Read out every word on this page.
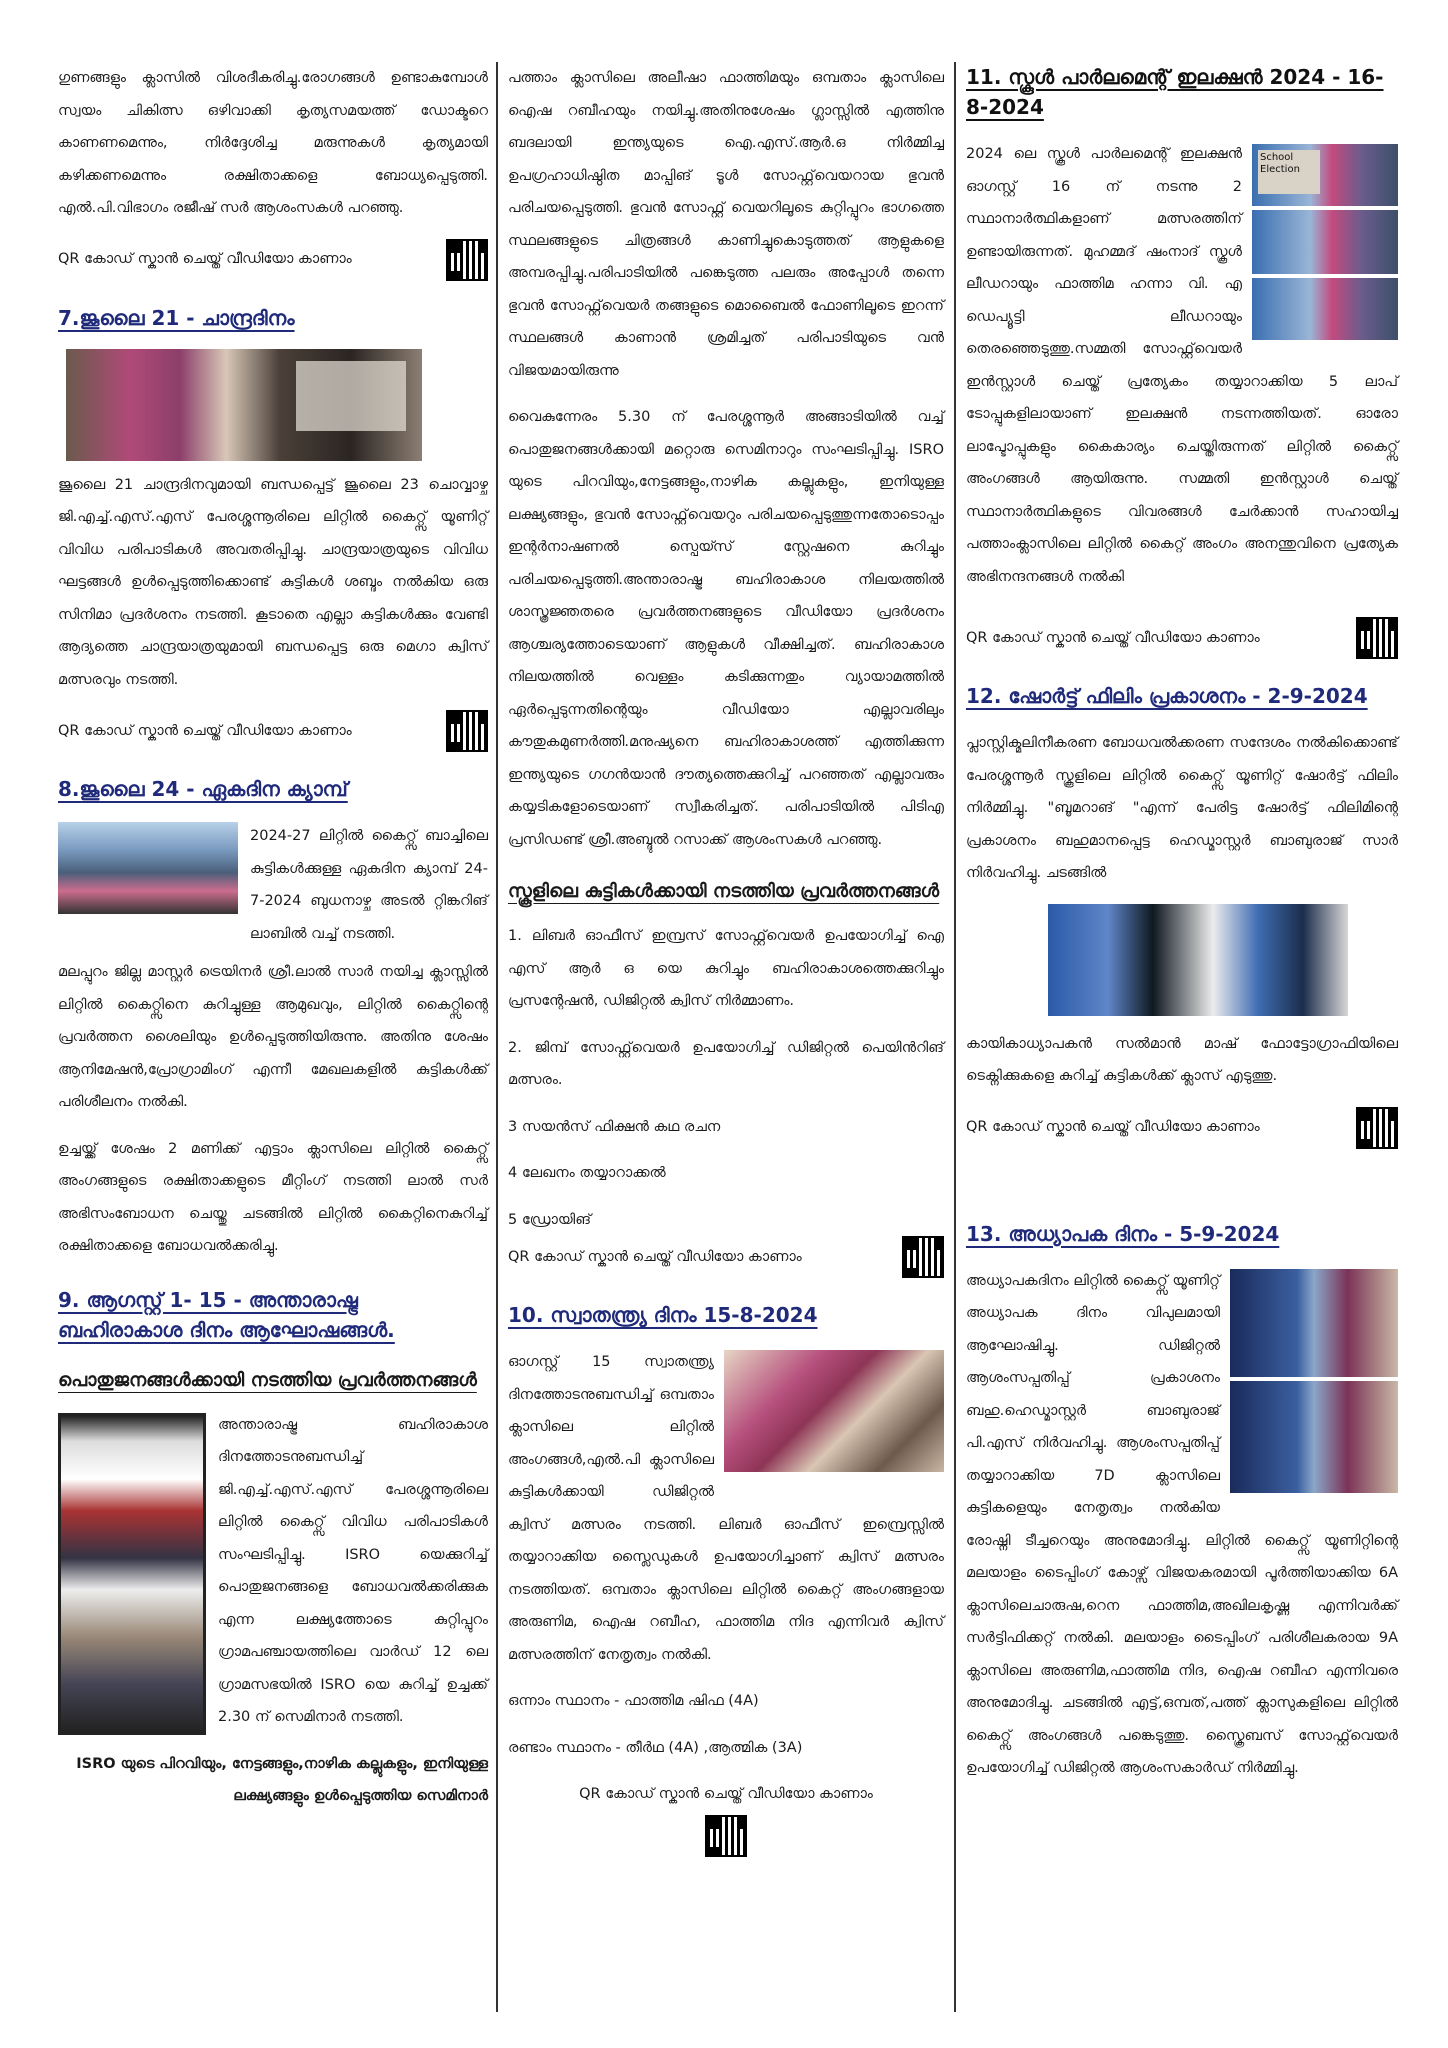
ഗുണങ്ങളും ക്ലാസിൽ വിശദീകരിച്ചു.രോഗങ്ങൾ ഉണ്ടാകുമ്പോൾ സ്വയം ചികിത്സ ഒഴിവാക്കി കൃത്യസമയത്ത് ഡോക്ടറെ കാണണമെന്നും, നിർദ്ദേശിച്ച മരുന്നുകൾ കൃത്യമായി കഴിക്കണമെന്നും രക്ഷിതാക്കളെ ബോധ്യപ്പെടുത്തി. എൽ.പി.വിഭാഗം രജീഷ് സർ ആശംസകൾ പറഞ്ഞു.

QR കോഡ് സ്കാൻ ചെയ്ത് വീഡിയോ കാണാം
7.ജൂലൈ 21 - ചാന്ദ്രദിനം

ജൂലൈ 21 ചാന്ദ്രദിനവുമായി ബന്ധപ്പെട്ട് ജൂലൈ 23 ചൊവ്വാഴ്ച ജി.എച്ച്.എസ്.എസ് പേരശ്ശന്നൂരിലെ ലിറ്റിൽ കൈറ്റ്സ് യൂണിറ്റ് വിവിധ പരിപാടികൾ അവതരിപ്പിച്ചു. ചാന്ദ്രയാത്രയുടെ വിവിധ ഘട്ടങ്ങൾ ഉൾപ്പെടുത്തിക്കൊണ്ട് കുട്ടികൾ ശബ്ദം നൽകിയ ഒരു സിനിമാ പ്രദർശനം നടത്തി. കൂടാതെ എല്ലാ കുട്ടികൾക്കും വേണ്ടി ആദ്യത്തെ ചാന്ദ്രയാത്രയുമായി ബന്ധപ്പെട്ട ഒരു മെഗാ ക്വിസ് മത്സരവും നടത്തി.

QR കോഡ് സ്കാൻ ചെയ്ത് വീഡിയോ കാണാം
8.ജൂലൈ 24 - ഏകദിന ക്യാമ്പ്

2024-27 ലിറ്റിൽ കൈറ്റ്സ് ബാച്ചിലെ കുട്ടികൾക്കുള്ള ഏകദിന ക്യാമ്പ് 24-7-2024 ബുധനാഴ്ച അടൽ റ്റിങ്കറിങ് ലാബിൽ വച്ച് നടത്തി.

മലപ്പുറം ജില്ല മാസ്റ്റർ ട്രെയിനർ ശ്രീ.ലാൽ സാർ നയിച്ച ക്ലാസ്സിൽ ലിറ്റിൽ കൈറ്റ്സിനെ കുറിച്ചുള്ള ആമുഖവും, ലിറ്റിൽ കൈറ്റ്സിന്റെ പ്രവർത്തന ശൈലിയും ഉൾപ്പെടുത്തിയിരുന്നു. അതിനു ശേഷം ആനിമേഷൻ,പ്രോഗ്രാമിംഗ് എന്നീ മേഖലകളിൽ കുട്ടികൾക്ക് പരിശീലനം നൽകി.

ഉച്ചയ്ക്ക് ശേഷം 2 മണിക്ക് എട്ടാം ക്ലാസിലെ ലിറ്റിൽ കൈറ്റ്സ് അംഗങ്ങളുടെ രക്ഷിതാക്കളുടെ മീറ്റിംഗ് നടത്തി ലാൽ സർ അഭിസംബോധന ചെയ്തു ചടങ്ങിൽ ലിറ്റിൽ കൈറ്റിനെകുറിച്ച് രക്ഷിതാക്കളെ ബോധവൽക്കരിച്ചു.

9. ആഗസ്റ്റ് 1- 15 - അന്താരാഷ്ട്ര ബഹിരാകാശ ദിനം ആഘോഷങ്ങൾ.
പൊതുജനങ്ങൾക്കായി നടത്തിയ പ്രവർത്തനങ്ങൾ

അന്താരാഷ്ട്ര ബഹിരാകാശ ദിനത്തോടനുബന്ധിച്ച് ജി.എച്ച്.എസ്.എസ് പേരശ്ശന്നൂരിലെ ലിറ്റിൽ കൈറ്റ്സ് വിവിധ പരിപാടികൾ സംഘടിപ്പിച്ചു. ISRO യെക്കുറിച്ച് പൊതുജനങ്ങളെ ബോധവൽക്കരിക്കുക എന്ന ലക്ഷ്യത്തോടെ കുറ്റിപ്പുറം ഗ്രാമപഞ്ചായത്തിലെ വാർഡ് 12 ലെ ഗ്രാമസഭയിൽ ISRO യെ കുറിച്ച് ഉച്ചക്ക് 2.30 ന് സെമിനാർ നടത്തി.

ISRO യുടെ പിറവിയും, നേട്ടങ്ങളും,നാഴിക കല്ലുകളും, ഇനിയുള്ള ലക്ഷ്യങ്ങളും ഉൾപ്പെടുത്തിയ സെമിനാർ

പത്താം ക്ലാസിലെ അലീഷാ ഫാത്തിമയും ഒമ്പതാം ക്ലാസിലെ ഐഷ റബീഹയും നയിച്ചു.അതിനുശേഷം ഗ്ലാസ്സിൽ എത്തിനു ബദലായി ഇന്ത്യയുടെ ഐ.എസ്.ആർ.ഒ നിർമ്മിച്ച ഉപഗ്രഹാധിഷ്ഠിത മാപ്പിങ് ടൂൾ സോഫ്റ്റ്‌വെയറായ ഭുവൻ പരിചയപ്പെടുത്തി. ഭുവൻ സോഫ്റ്റ്‌ വെയറിലൂടെ കുറ്റിപ്പുറം ഭാഗത്തെ സ്ഥലങ്ങളുടെ ചിത്രങ്ങൾ കാണിച്ചുകൊടുത്തത് ആളുകളെ അമ്പരപ്പിച്ചു.പരിപാടിയിൽ പങ്കെടുത്ത പലരും അപ്പോൾ തന്നെ ഭുവൻ സോഫ്റ്റ്‌വെയർ തങ്ങളുടെ മൊബൈൽ ഫോണിലൂടെ ഇറന്ന് സ്ഥലങ്ങൾ കാണാൻ ശ്രമിച്ചത് പരിപാടിയുടെ വൻ വിജയമായിരുന്നു

വൈകുന്നേരം 5.30 ന് പേരശ്ശന്നൂർ അങ്ങാടിയിൽ വച്ച് പൊതുജനങ്ങൾക്കായി മറ്റൊരു സെമിനാറും സംഘടിപ്പിച്ചു. ISRO യുടെ പിറവിയും,നേട്ടങ്ങളും,നാഴിക കല്ലുകളും, ഇനിയുള്ള ലക്ഷ്യങ്ങളും, ഭുവൻ സോഫ്റ്റ്‌വെയറും പരിചയപ്പെടുത്തുന്നതോടൊപ്പം ഇന്റർനാഷണൽ സ്പെയ്സ് സ്റ്റേഷനെ കുറിച്ചും പരിചയപ്പെടുത്തി.അന്താരാഷ്ട്ര ബഹിരാകാശ നിലയത്തിൽ ശാസ്ത്രജ്ഞതരെ പ്രവർത്തനങ്ങളുടെ വീഡിയോ പ്രദർശനം ആശ്ചര്യത്തോടെയാണ് ആളുകൾ വീക്ഷിച്ചത്. ബഹിരാകാശ നിലയത്തിൽ വെള്ളം കടിക്കുന്നതും വ്യായാമത്തിൽ ഏർപ്പെടുന്നതിന്റെയും വീഡിയോ എല്ലാവരിലും കൗതുകമുണർത്തി.മനുഷ്യനെ ബഹിരാകാശത്ത് എത്തിക്കുന്ന ഇന്ത്യയുടെ ഗഗൻയാൻ ദൗത്യത്തെക്കുറിച്ച് പറഞ്ഞത് എല്ലാവരും കയ്യടികളോടെയാണ് സ്വീകരിച്ചത്. പരിപാടിയിൽ പിടിഎ പ്രസിഡണ്ട് ശ്രീ.അബ്ദുൽ റസാക്ക് ആശംസകൾ പറഞ്ഞു.

സ്കൂളിലെ കുട്ടികൾക്കായി നടത്തിയ പ്രവർത്തനങ്ങൾ

1. ലിബർ ഓഫീസ് ഇമ്പ്രസ് സോഫ്റ്റ്‌വെയർ ഉപയോഗിച്ച് ഐ എസ് ആർ ഒ യെ കുറിച്ചും ബഹിരാകാശത്തെക്കുറിച്ചും പ്രസന്റേഷൻ, ഡിജിറ്റൽ ക്വിസ് നിർമ്മാണം.

2. ജിമ്പ് സോഫ്റ്റ്‌വെയർ ഉപയോഗിച്ച് ഡിജിറ്റൽ പെയിൻറിങ് മത്സരം.

3 സയൻസ് ഫിക്ഷൻ കഥ രചന

4 ലേഖനം തയ്യാറാക്കൽ

5 ഡ്രോയിങ്

QR കോഡ് സ്കാൻ ചെയ്ത് വീഡിയോ കാണാം
10. സ്വാതന്ത്ര്യ ദിനം 15-8-2024

ഓഗസ്റ്റ് 15 സ്വാതന്ത്ര്യ ദിനത്തോടനുബന്ധിച്ച് ഒമ്പതാം ക്ലാസിലെ ലിറ്റിൽ അംഗങ്ങൾ,എൽ.പി ക്ലാസിലെ കുട്ടികൾക്കായി ഡിജിറ്റൽ ക്വിസ് മത്സരം നടത്തി. ലിബർ ഓഫീസ് ഇമ്പ്രെസ്സിൽ തയ്യാറാക്കിയ സ്ലൈഡുകൾ ഉപയോഗിച്ചാണ് ക്വിസ് മത്സരം നടത്തിയത്. ഒമ്പതാം ക്ലാസിലെ ലിറ്റിൽ കൈറ്റ് അംഗങ്ങളായ അരുണിമ, ഐഷ റബീഹ, ഫാത്തിമ നിദ എന്നിവർ ക്വിസ് മത്സരത്തിന് നേതൃത്വം നൽകി.

ഒന്നാം സ്ഥാനം - ഫാത്തിമ ഷിഫ (4A)

രണ്ടാം സ്ഥാനം - തീർഥ (4A) ,ആത്മിക (3A)

QR കോഡ് സ്കാൻ ചെയ്ത് വീഡിയോ കാണാം

11. സ്കൂൾ പാർലമെന്റ് ഇലക്ഷൻ 2024 - 16-8-2024

School Election
2024 ലെ സ്കൂൾ പാർലമെന്റ് ഇലക്ഷൻ ഓഗസ്റ്റ് 16 ന് നടന്നു 2 സ്ഥാനാർത്ഥികളാണ് മത്സരത്തിന് ഉണ്ടായിരുന്നത്. മുഹമ്മദ് ഷംനാദ് സ്കൂൾ ലീഡറായും ഫാത്തിമ ഹന്നാ വി. എ ഡെപ്യൂട്ടി ലീഡറായും തെരഞ്ഞെടുത്തു.സമ്മതി സോഫ്റ്റ്‌വെയർ ഇൻസ്റ്റാൾ ചെയ്ത് പ്രത്യേകം തയ്യാറാക്കിയ 5 ലാപ് ടോപ്പുകളിലായാണ് ഇലക്ഷൻ നടന്നത്തിയത്. ഓരോ ലാപ്ടോപ്പുകളും കൈകാര്യം ചെയ്തിരുന്നത് ലിറ്റിൽ കൈറ്റ്സ് അംഗങ്ങൾ ആയിരുന്നു. സമ്മതി ഇൻസ്റ്റാൾ ചെയ്ത് സ്ഥാനാർത്ഥികളുടെ വിവരങ്ങൾ ചേർക്കാൻ സഹായിച്ച പത്താംക്ലാസിലെ ലിറ്റിൽ കൈറ്റ് അംഗം അനന്തുവിനെ പ്രത്യേക അഭിനന്ദനങ്ങൾ നൽകി

QR കോഡ് സ്കാൻ ചെയ്ത് വീഡിയോ കാണാം
12. ഷോർട്ട് ഫിലിം പ്രകാശനം - 2-9-2024

പ്ലാസ്റ്റിക്മലിനീകരണ ബോധവൽക്കരണ സന്ദേശം നൽകിക്കൊണ്ട് പേരശ്ശന്നൂർ സ്കൂളിലെ ലിറ്റിൽ കൈറ്റ്സ് യൂണിറ്റ് ഷോർട്ട് ഫിലിം നിർമ്മിച്ചു. "ബൂമറാങ് "എന്ന് പേരിട്ട ഷോർട്ട് ഫിലിമിന്റെ പ്രകാശനം ബഹുമാനപ്പെട്ട ഹെഡ്മാസ്റ്റർ ബാബുരാജ് സാർ നിർവഹിച്ചു. ചടങ്ങിൽ

കായികാധ്യാപകൻ സൽമാൻ മാഷ് ഫോട്ടോഗ്രാഫിയിലെ ടെക്നിക്കുകളെ കുറിച്ച് കുട്ടികൾക്ക് ക്ലാസ് എടുത്തു.

QR കോഡ് സ്കാൻ ചെയ്ത് വീഡിയോ കാണാം
13. അധ്യാപക ദിനം - 5-9-2024

അധ്യാപകദിനം ലിറ്റിൽ കൈറ്റ്സ് യൂണിറ്റ് അധ്യാപക ദിനം വിപുലമായി ആഘോഷിച്ചു. ഡിജിറ്റൽ ആശംസപ്പതിപ്പ് പ്രകാശനം ബഹു.ഹെഡ്മാസ്റ്റർ ബാബുരാജ് പി.എസ് നിർവഹിച്ചു. ആശംസപ്പതിപ്പ് തയ്യാറാക്കിയ 7D ക്ലാസിലെ കുട്ടികളെയും നേതൃത്വം നൽകിയ രോഷ്നി ടീച്ചറെയും അനുമോദിച്ചു. ലിറ്റിൽ കൈറ്റ്സ് യൂണിറ്റിന്റെ മലയാളം ടൈപ്പിംഗ് കോഴ്സ് വിജയകരമായി പൂർത്തിയാക്കിയ 6A ക്ലാസിലെചാരുഷ,റെന ഫാത്തിമ,അഖിലകൃഷ്ണ എന്നിവർക്ക് സർട്ടിഫിക്കറ്റ് നൽകി. മലയാളം ടൈപ്പിംഗ് പരിശീലകരായ 9A ക്ലാസിലെ അരുണിമ,ഫാത്തിമ നിദ, ഐഷ റബീഹ എന്നിവരെ അനുമോദിച്ചു. ചടങ്ങിൽ എട്ട്,ഒമ്പത്,പത്ത് ക്ലാസുകളിലെ ലിറ്റിൽ കൈറ്റ്സ് അംഗങ്ങൾ പങ്കെടുത്തു. സ്ക്രൈബസ് സോഫ്റ്റ്‌വെയർ ഉപയോഗിച്ച് ഡിജിറ്റൽ ആശംസകാർഡ് നിർമ്മിച്ചു.
